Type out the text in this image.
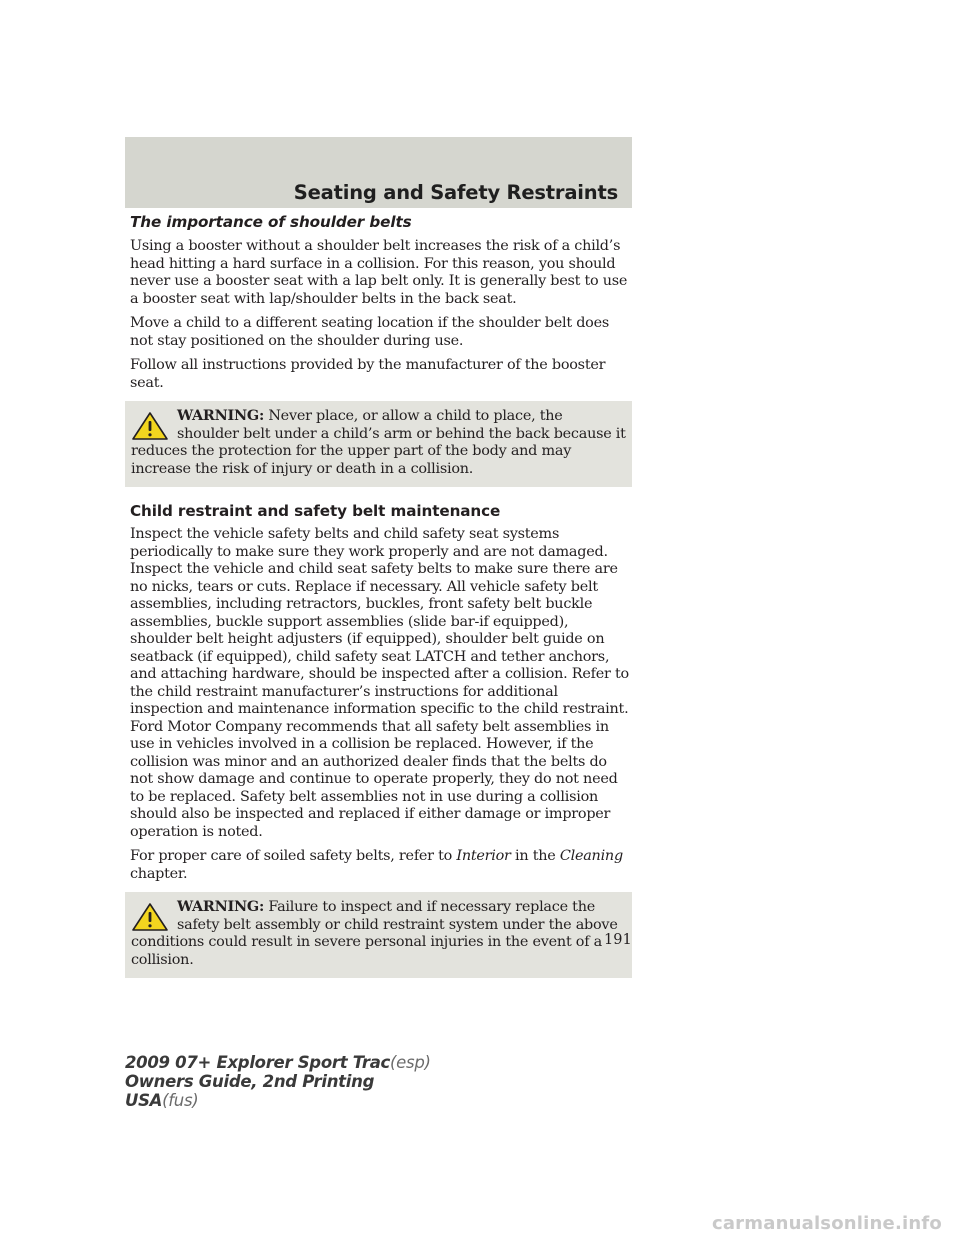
Seating and Safety Restraints
The importance of shoulder belts

Using a booster without a shoulder belt increases the risk of a child’s head hitting a hard surface in a collision. For this reason, you should never use a booster seat with a lap belt only. It is generally best to use a booster seat with lap/shoulder belts in the back seat.

Move a child to a different seating location if the shoulder belt does not stay positioned on the shoulder during use.

Follow all instructions provided by the manufacturer of the booster seat.

WARNING: Never place, or allow a child to place, the shoulder belt under a child’s arm or behind the back because it reduces the protection for the upper part of the body and may increase the risk of injury or death in a collision.
Child restraint and safety belt maintenance

Inspect the vehicle safety belts and child safety seat systems periodically to make sure they work properly and are not damaged. Inspect the vehicle and child seat safety belts to make sure there are no nicks, tears or cuts. Replace if necessary. All vehicle safety belt assemblies, including retractors, buckles, front safety belt buckle assemblies, buckle support assemblies (slide bar-if equipped), shoulder belt height adjusters (if equipped), shoulder belt guide on seatback (if equipped), child safety seat LATCH and tether anchors, and attaching hardware, should be inspected after a collision. Refer to the child restraint manufacturer’s instructions for additional inspection and maintenance information specific to the child restraint. Ford Motor Company recommends that all safety belt assemblies in use in vehicles involved in a collision be replaced. However, if the collision was minor and an authorized dealer finds that the belts do not show damage and continue to operate properly, they do not need to be replaced. Safety belt assemblies not in use during a collision should also be inspected and replaced if either damage or improper operation is noted.

For proper care of soiled safety belts, refer to Interior in the Cleaning chapter.

WARNING: Failure to inspect and if necessary replace the safety belt assembly or child restraint system under the above conditions could result in severe personal injuries in the event of a collision.
191
2009 07+ Explorer Sport Trac(esp)
Owners Guide, 2nd Printing
USA(fus)
carmanualsonline.info
